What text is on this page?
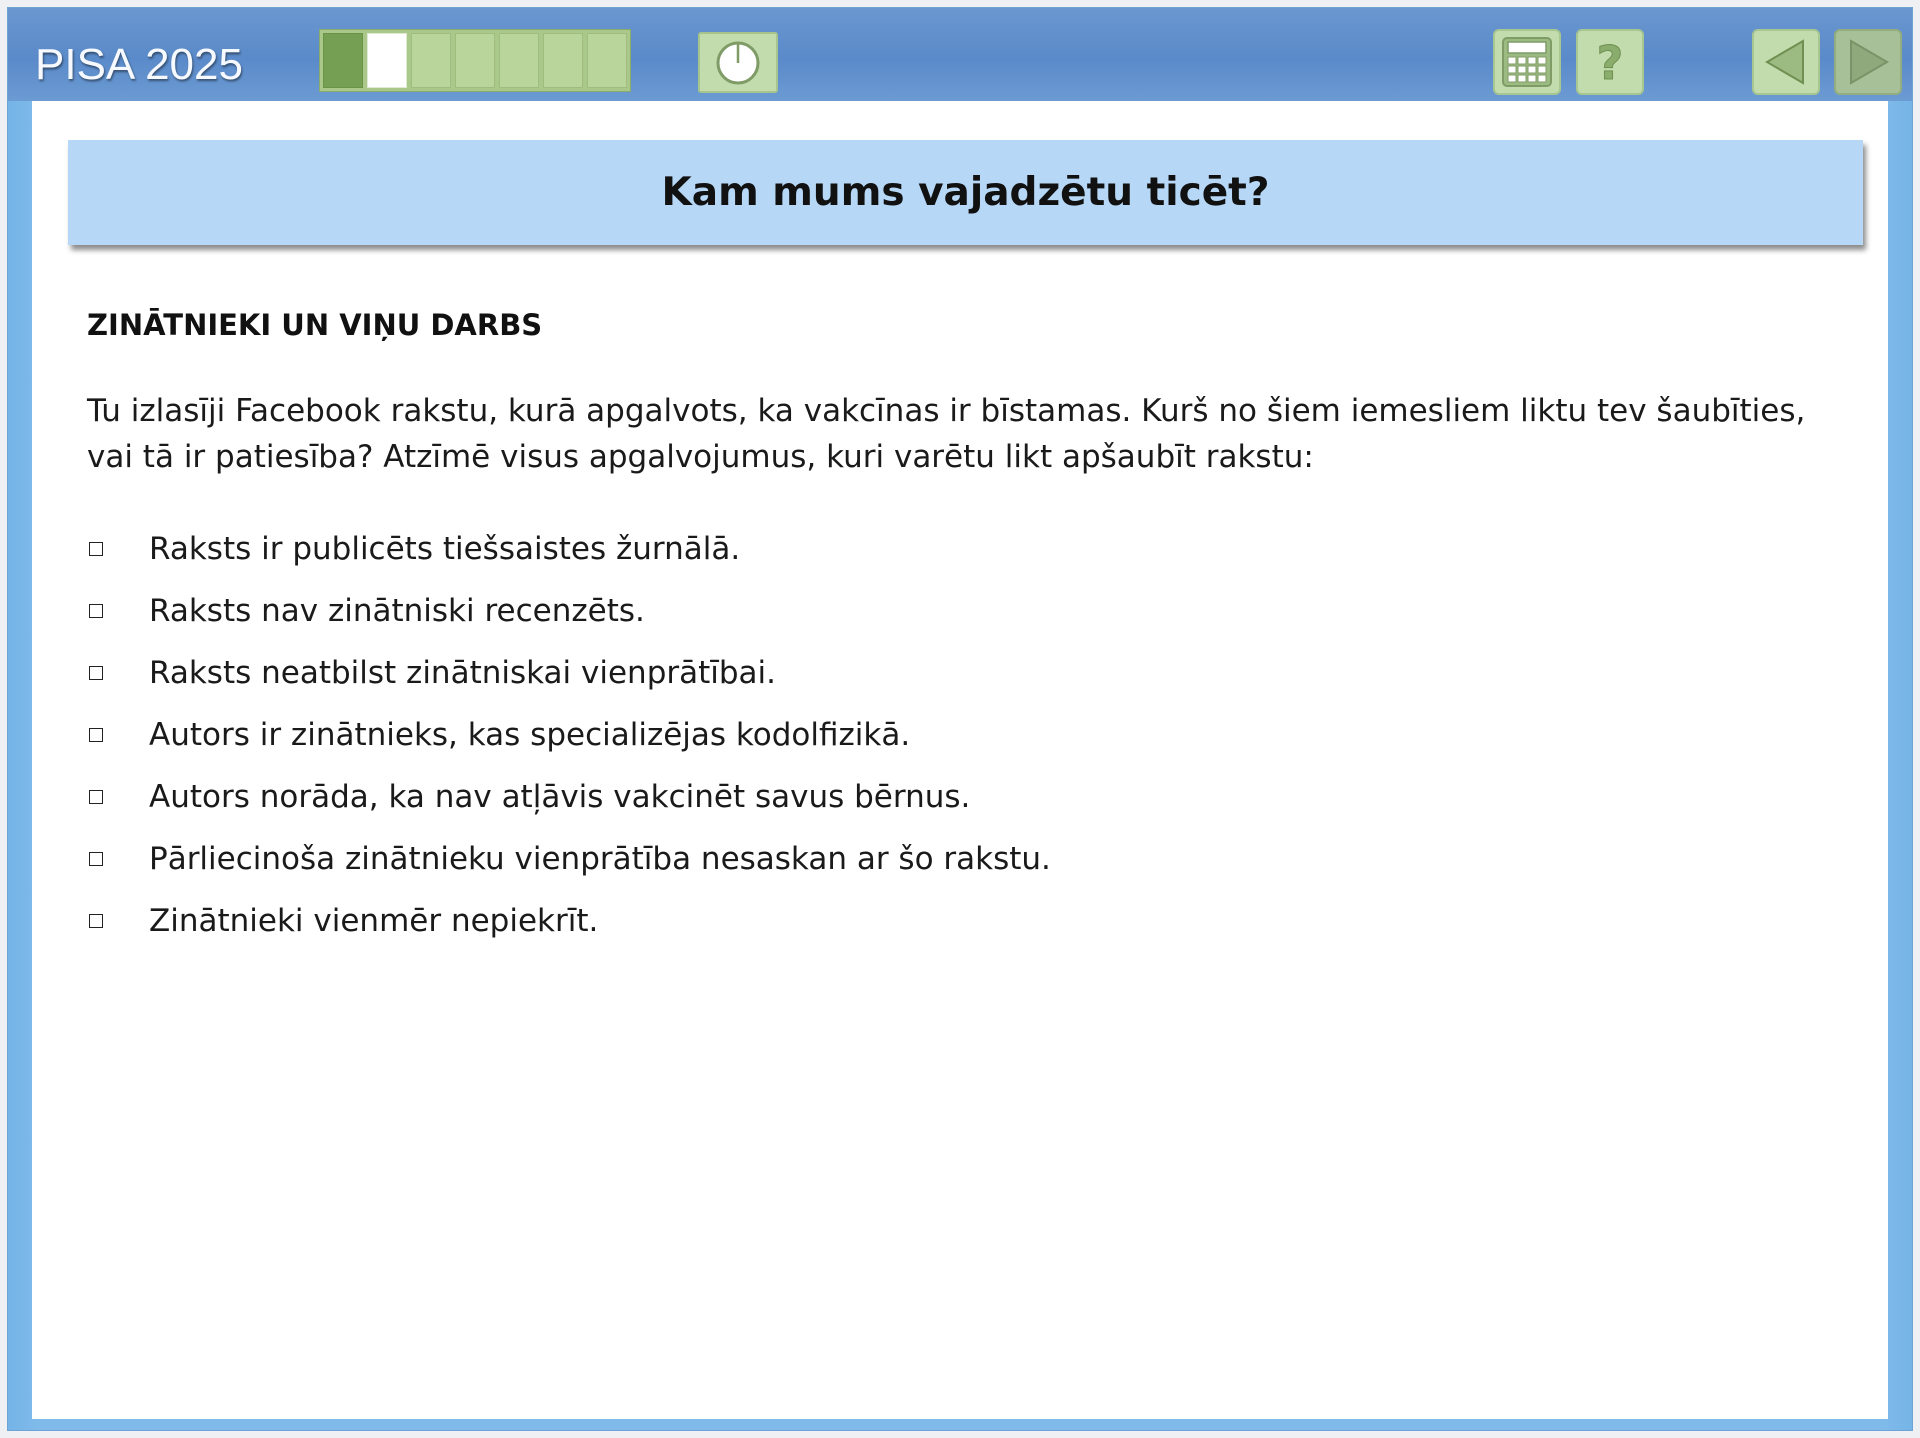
PISA 2025	?
Kam mums vajadzētu ticēt?
ZINĀTNIEKI UN VIŅU DARBS
Tu izlasīji Facebook rakstu, kurā apgalvots, ka vakcīnas ir bīstamas. Kurš no šiem iemesliem liktu tev šaubīties, vai tā ir patiesība? Atzīmē visus apgalvojumus, kuri varētu likt apšaubīt rakstu:
Raksts ir publicēts tiešsaistes žurnālā.
Raksts nav zinātniski recenzēts.
Raksts neatbilst zinātniskai vienprātībai.
Autors ir zinātnieks, kas specializējas kodolfizikā.
Autors norāda, ka nav atļāvis vakcinēt savus bērnus.
Pārliecinoša zinātnieku vienprātība nesaskan ar šo rakstu.
Zinātnieki vienmēr nepiekrīt.
